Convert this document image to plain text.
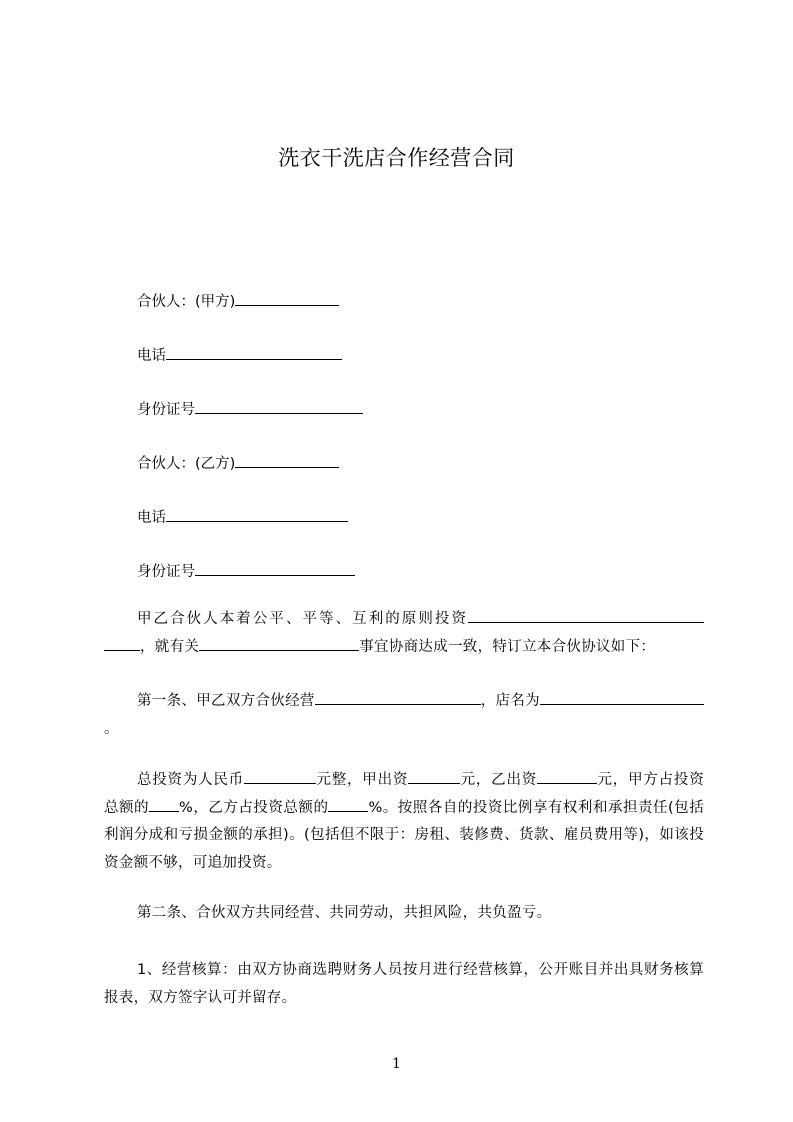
洗衣干洗店合作经营合同
合伙人：(甲方)
电话
身份证号
合伙人：(乙方)
电话
身份证号
甲乙合伙人本着公平、平等、互利的原则投资，就有关	事宜协商达成一致，特订立本合伙协议如下：
第一条、甲乙双方合伙经营	，店名为。
总投资为人民币	元整，甲出资	元，乙出资	元，甲方占投资总额的 %，乙方占投资总额的	%。按照各自的投资比例享有权利和承担责任(包括利润分成和亏损金额的承担)。(包括但不限于：房租、装修费、货款、雇员费用等)，如该投资金额不够，可追加投资。
第二条、合伙双方共同经营、共同劳动，共担风险，共负盈亏。
1、经营核算：由双方协商选聘财务人员按月进行经营核算，公开账目并出具财务核算报表，双方签字认可并留存。
1
